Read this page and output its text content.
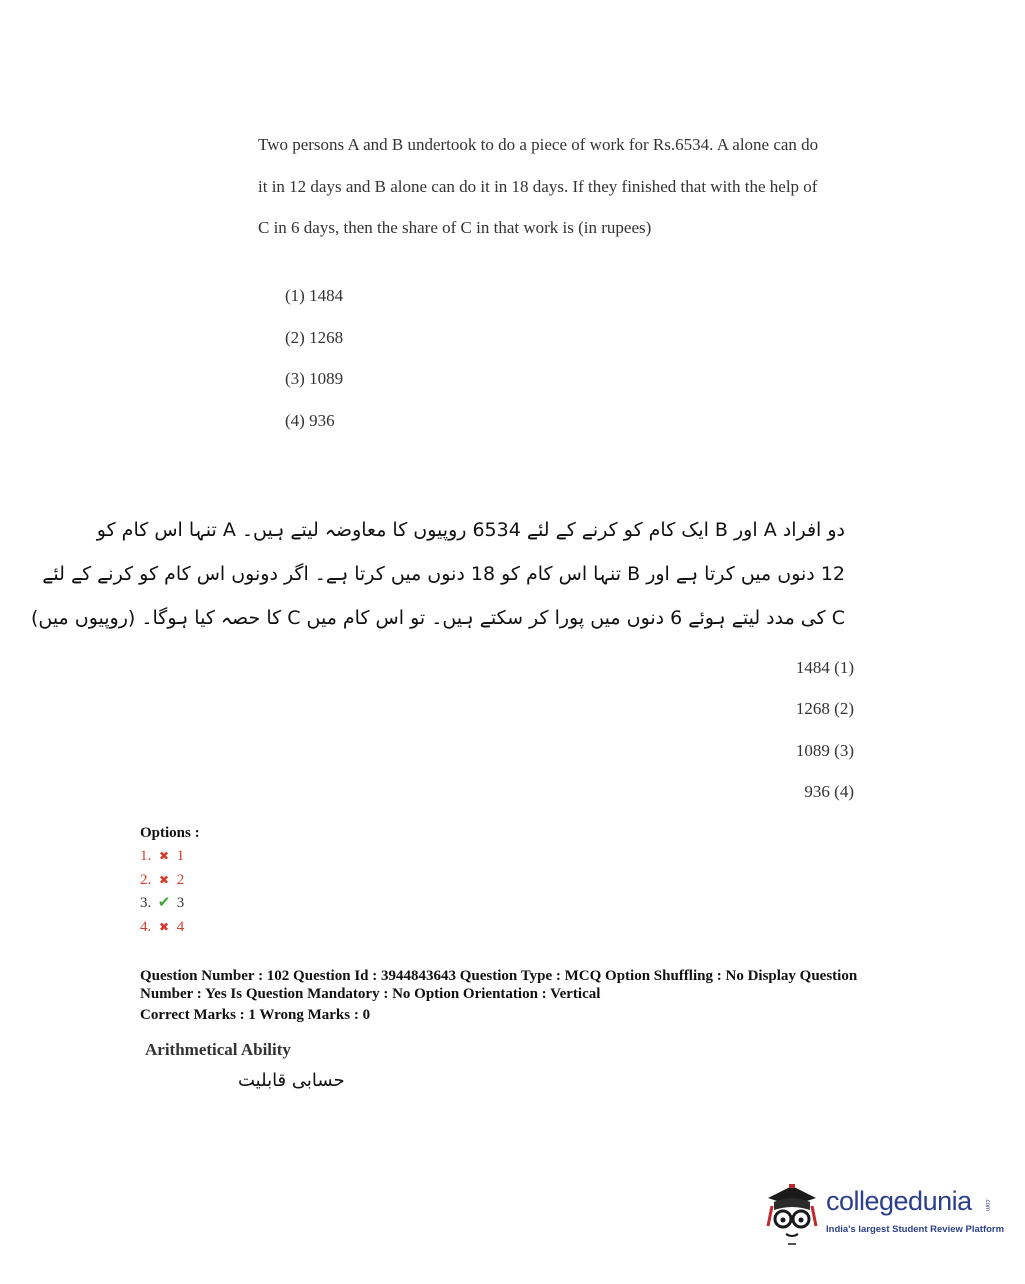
Two persons A and B undertook to do a piece of work for Rs.6534. A alone can do

it in 12 days and B alone can do it in 18 days. If they finished that with the help of

C in 6 days, then the share of C in that work is (in rupees)

(1) 1484
(2) 1268
(3) 1089
(4) 936

دو افراد A اور B ایک کام کو کرنے کے لئے 6534 روپیوں کا معاوضہ لیتے ہیں۔ A تنہا اس کام کو

12 دنوں میں کرتا ہے اور B تنہا اس کام کو 18 دنوں میں کرتا ہے۔ اگر دونوں اس کام کو کرنے کے لئے

C کی مدد لیتے ہوئے 6 دنوں میں پورا کر سکتے ہیں۔ تو اس کام میں C کا حصہ کیا ہوگا۔ (روپیوں میں)

1484 (1)
1268 (2)
1089 (3)
936 (4)
Options :
1. ✖ 1
2. ✖ 2
3. ✔ 3
4. ✖ 4

Question Number : 102 Question Id : 3944843643 Question Type : MCQ Option Shuffling : No Display Question

Number : Yes Is Question Mandatory : No Option Orientation : Vertical

Correct Marks : 1 Wrong Marks : 0

Arithmetical Ability
حسابی قابلیت
collegedunia .com
India's largest Student Review Platform
